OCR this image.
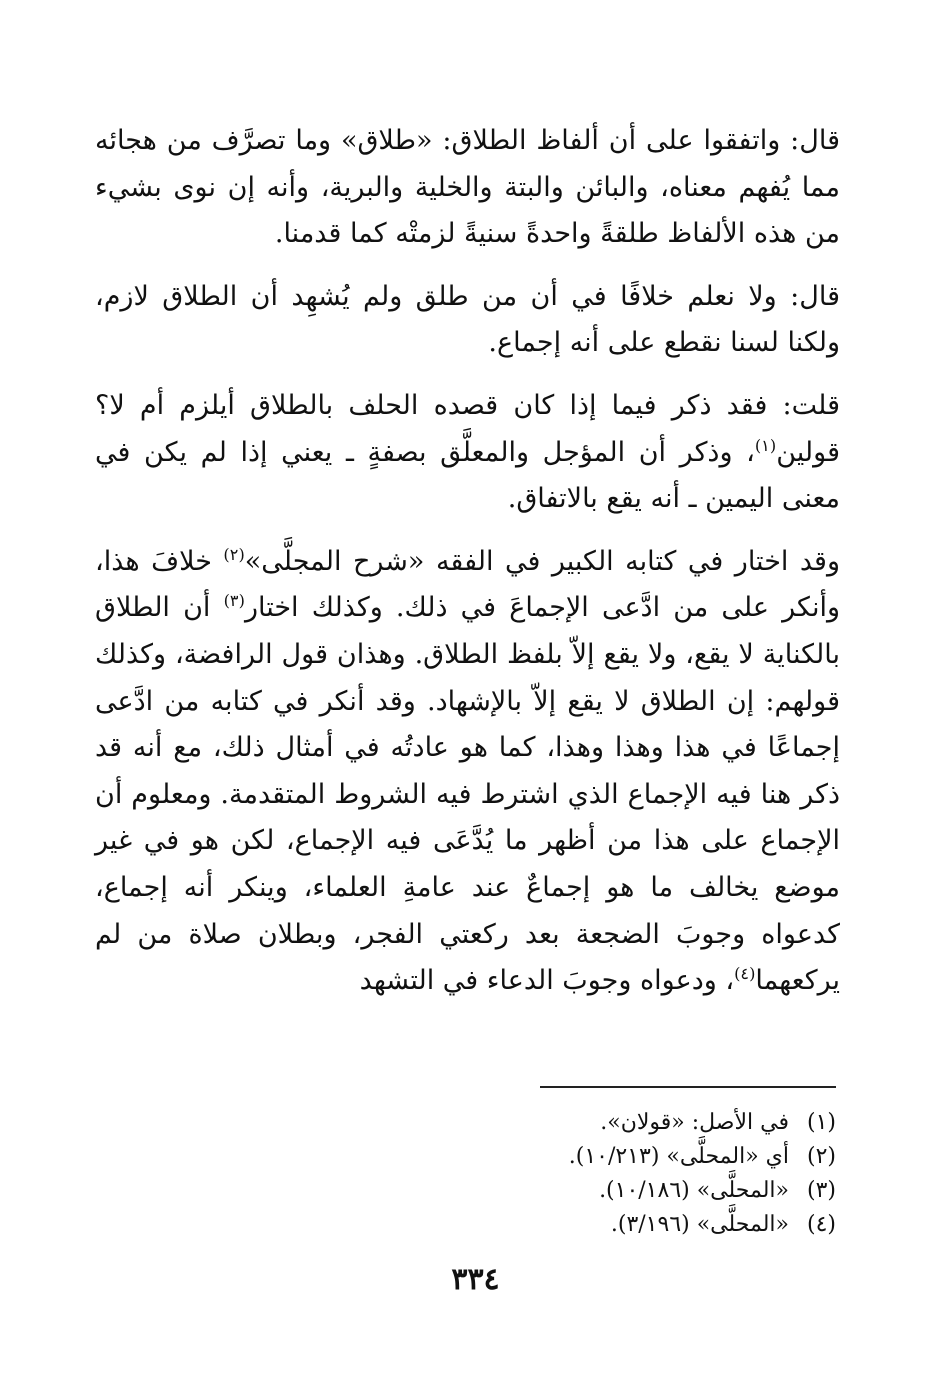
قال: واتفقوا على أن ألفاظ الطلاق: «طلاق» وما تصرَّف من هجائه مما يُفهم معناه، والبائن والبتة والخلية والبرية، وأنه إن نوى بشيء من هذه الألفاظ طلقةً واحدةً سنيةً لزمتْه كما قدمنا.

قال: ولا نعلم خلافًا في أن من طلق ولم يُشهِد أن الطلاق لازم، ولكنا لسنا نقطع على أنه إجماع.

قلت: فقد ذكر فيما إذا كان قصده الحلف بالطلاق أيلزم أم لا؟ قولين$^{(١)}$، وذكر أن المؤجل والمعلَّق بصفةٍ ـ يعني إذا لم يكن في معنى اليمين ـ أنه يقع بالاتفاق.

وقد اختار في كتابه الكبير في الفقه «شرح المجلَّى»$^{(٢)}$ خلافَ هذا، وأنكر على من ادَّعى الإجماعَ في ذلك. وكذلك اختار$^{(٣)}$ أن الطلاق بالكناية لا يقع، ولا يقع إلاّ بلفظ الطلاق. وهذان قول الرافضة، وكذلك قولهم: إن الطلاق لا يقع إلاّ بالإشهاد. وقد أنكر في كتابه من ادَّعى إجماعًا في هذا وهذا وهذا، كما هو عادتُه في أمثال ذلك، مع أنه قد ذكر هنا فيه الإجماع الذي اشترط فيه الشروط المتقدمة. ومعلوم أن الإجماع على هذا من أظهر ما يُدَّعَى فيه الإجماع، لكن هو في غير موضع يخالف ما هو إجماعٌ عند عامةِ العلماء، وينكر أنه إجماع، كدعواه وجوبَ الضجعة بعد ركعتي الفجر، وبطلان صلاة من لم يركعهما$^{(٤)}$، ودعواه وجوبَ الدعاء في التشهد

(١) في الأصل: «قولان».
(٢) أي «المحلَّى» (١٠/٢١٣).
(٣) «المحلَّى» (١٠/١٨٦).
(٤) «المحلَّى» (٣/١٩٦).
٣٣٤
